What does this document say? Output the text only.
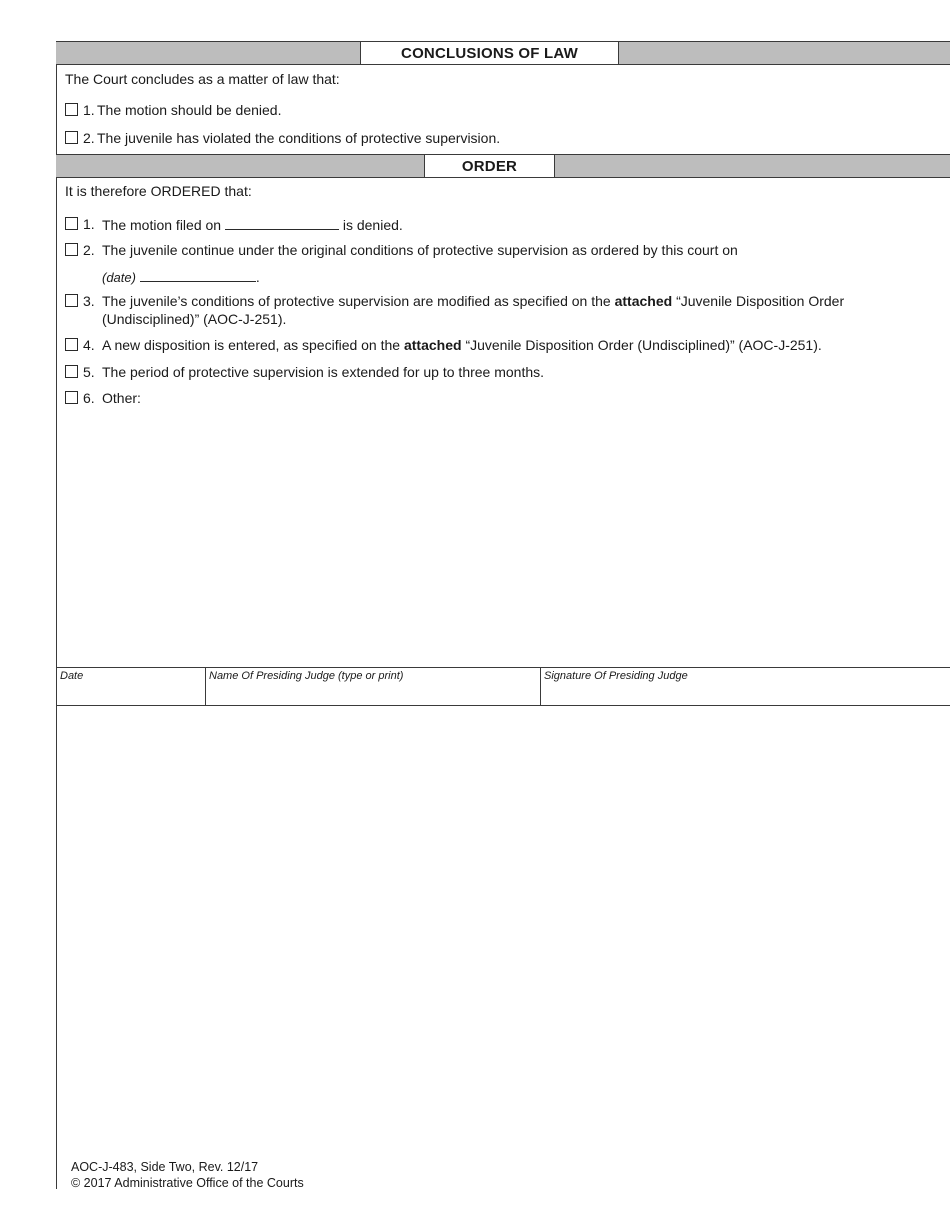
CONCLUSIONS OF LAW
The Court concludes as a matter of law that:
1. The motion should be denied.
2. The juvenile has violated the conditions of protective supervision.
ORDER
It is therefore ORDERED that:
1. The motion filed on	is denied.
2. The juvenile continue under the original conditions of protective supervision as ordered by this court on
(date)	.
3. The juvenile’s conditions of protective supervision are modified as specified on the attached “Juvenile Disposition Order
(Undisciplined)” (AOC-J-251).
4. A new disposition is entered, as specified on the attached “Juvenile Disposition Order (Undisciplined)” (AOC-J-251).
5. The period of protective supervision is extended for up to three months.
6. Other:
Date	Name Of Presiding Judge (type or print)	Signature Of Presiding Judge
AOC-J-483, Side Two, Rev. 12/17
© 2017 Administrative Office of the Courts
